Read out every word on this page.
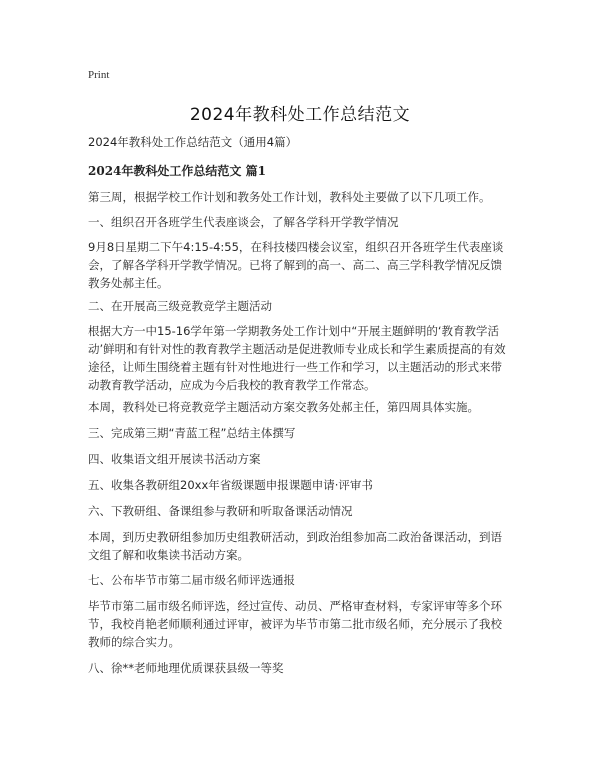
Print
2024年教科处工作总结范文
2024年教科处工作总结范文（通用4篇）
2024年教科处工作总结范文 篇1
第三周，根据学校工作计划和教务处工作计划，教科处主要做了以下几项工作。
一、组织召开各班学生代表座谈会，了解各学科开学教学情况
9月8日星期二下午4:15-4:55，在科技楼四楼会议室，组织召开各班学生代表座谈会，了解各学科开学教学情况。已将了解到的高一、高二、高三学科教学情况反馈教务处郝主任。
二、在开展高三级竞教竞学主题活动
根据大方一中15-16学年第一学期教务处工作计划中“开展主题鲜明的‘教育教学活动’鲜明和有针对性的教育教学主题活动是促进教师专业成长和学生素质提高的有效途径，让师生围绕着主题有针对性地进行一些工作和学习，以主题活动的形式来带动教育教学活动，应成为今后我校的教育教学工作常态。
本周，教科处已将竞教竞学主题活动方案交教务处郝主任，第四周具体实施。
三、完成第三期“青蓝工程”总结主体撰写
四、收集语文组开展读书活动方案
五、收集各教研组20xx年省级课题申报课题申请·评审书
六、下教研组、备课组参与教研和听取备课活动情况
本周，到历史教研组参加历史组教研活动，到政治组参加高二政治备课活动，到语文组了解和收集读书活动方案。
七、公布毕节市第二届市级名师评选通报
毕节市第二届市级名师评选，经过宣传、动员、严格审查材料，专家评审等多个环节，我校肖艳老师顺利通过评审，被评为毕节市第二批市级名师，充分展示了我校教师的综合实力。
八、徐**老师地理优质课获县级一等奖
